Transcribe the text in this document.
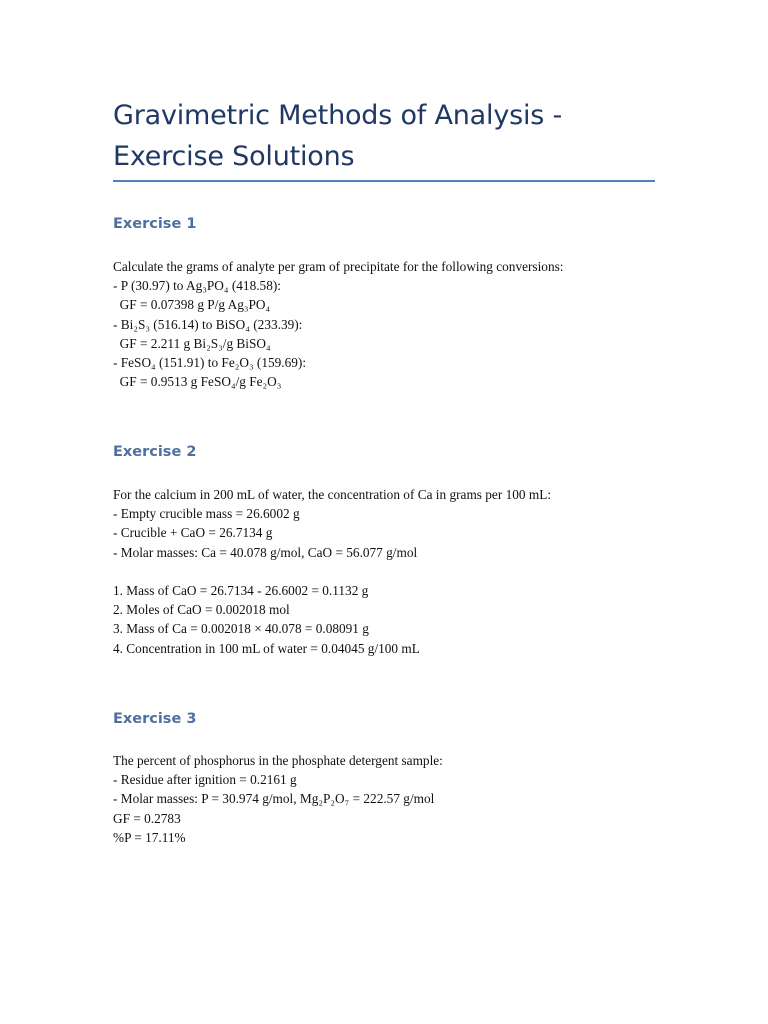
Gravimetric Methods of Analysis -
Exercise Solutions
Exercise 1
Calculate the grams of analyte per gram of precipitate for the following conversions:
- P (30.97) to Ag₃PO₄ (418.58):
GF = 0.07398 g P/g Ag₃PO₄
- Bi₂S₃ (516.14) to BiSO₄ (233.39):
GF = 2.211 g Bi₂S₃/g BiSO₄
- FeSO₄ (151.91) to Fe₂O₃ (159.69):
GF = 0.9513 g FeSO₄/g Fe₂O₃
Exercise 2
For the calcium in 200 mL of water, the concentration of Ca in grams per 100 mL:
- Empty crucible mass = 26.6002 g
- Crucible + CaO = 26.7134 g
- Molar masses: Ca = 40.078 g/mol, CaO = 56.077 g/mol
1. Mass of CaO = 26.7134 - 26.6002 = 0.1132 g
2. Moles of CaO = 0.002018 mol
3. Mass of Ca = 0.002018 × 40.078 = 0.08091 g
4. Concentration in 100 mL of water = 0.04045 g/100 mL
Exercise 3
The percent of phosphorus in the phosphate detergent sample:
- Residue after ignition = 0.2161 g
- Molar masses: P = 30.974 g/mol, Mg₂P₂O₇ = 222.57 g/mol
GF = 0.2783
%P = 17.11%
